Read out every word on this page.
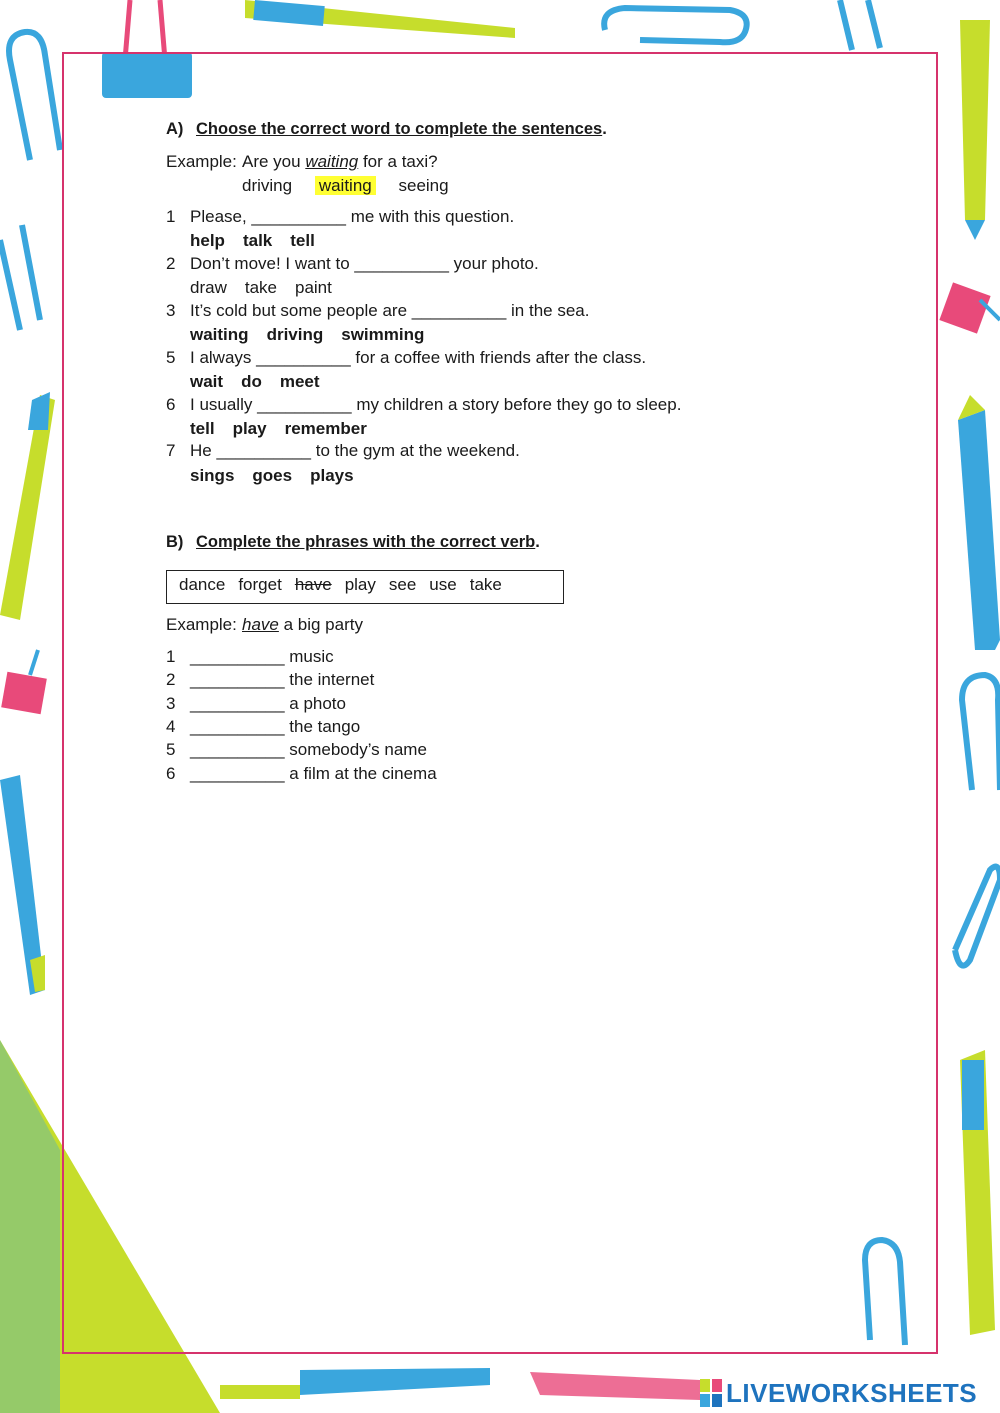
A) Choose the correct word to complete the sentences.
Example: Are you waiting for a taxi?
driving waiting seeing
1 Please, __________ me with this question.
help talk tell
2 Don’t move! I want to __________ your photo.
draw take paint
3 It’s cold but some people are __________ in the sea.
waiting driving swimming
5 I always __________ for a coffee with friends after the class.
wait do meet
6 I usually __________ my children a story before they go to sleep.
tell play remember
7 He __________ to the gym at the weekend.
sings goes plays
B) Complete the phrases with the correct verb.
dance forget have play see use take
Example: have a big party
1 __________ music
2 __________ the internet
3 __________ a photo
4 __________ the tango
5 __________ somebody’s name
6 __________ a film at the cinema
LIVEWORKSHEETS
